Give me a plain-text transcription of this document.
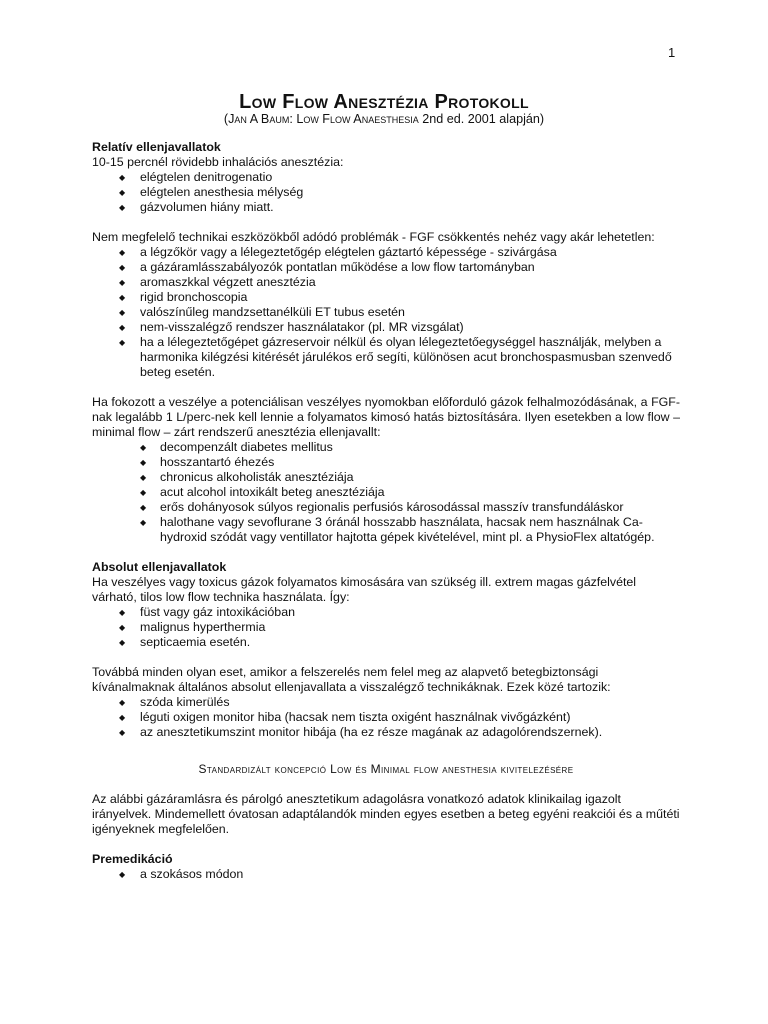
1
Low Flow Anesztézia Protokoll
(Jan A Baum: Low Flow Anaesthesia 2nd ed. 2001 alapján)

Relatív ellenjavallatok

10-15 percnél rövidebb inhalációs anesztézia:

◆ elégtelen denitrogenatio
◆ elégtelen anesthesia mélység
◆ gázvolumen hiány miatt.

Nem megfelelő technikai eszközökből adódó problémák - FGF csökkentés nehéz vagy akár lehetetlen:

◆ a légzőkör vagy a lélegeztetőgép elégtelen gáztartó képessége - szivárgása
◆ a gázáramlásszabályozók pontatlan működése a low flow tartományban
◆ aromaszkkal végzett anesztézia
◆ rigid bronchoscopia
◆ valószínűleg mandzsettanélküli ET tubus esetén
◆ nem-visszalégző rendszer használatakor (pl. MR vizsgálat)
◆ ha a lélegeztetőgépet gázreservoir nélkül és olyan lélegeztetőegységgel használják, melyben a harmonika kilégzési kitérését járulékos erő segíti, különösen acut bronchospasmusban szenvedő beteg esetén.

Ha fokozott a veszélye a potenciálisan veszélyes nyomokban előforduló gázok felhalmozódásának, a FGF-nak legalább 1 L/perc-nek kell lennie a folyamatos kimosó hatás biztosítására. Ilyen esetekben a low flow – minimal flow – zárt rendszerű anesztézia ellenjavallt:

◆ decompenzált diabetes mellitus
◆ hosszantartó éhezés
◆ chronicus alkoholisták anesztéziája
◆ acut alcohol intoxikált beteg anesztéziája
◆ erős dohányosok súlyos regionalis perfusiós károsodással masszív transfundáláskor
◆ halothane vagy sevoflurane 3 óránál hosszabb használata, hacsak nem használnak Ca-hydroxid szódát vagy ventillator hajtotta gépek kivételével, mint pl. a PhysioFlex altatógép.

Absolut ellenjavallatok

Ha veszélyes vagy toxicus gázok folyamatos kimosására van szükség ill. extrem magas gázfelvétel várható, tilos low flow technika használata. Így:

◆ füst vagy gáz intoxikációban
◆ malignus hyperthermia
◆ septicaemia esetén.

Továbbá minden olyan eset, amikor a felszerelés nem felel meg az alapvető betegbiztonsági kívánalmaknak általános absolut ellenjavallata a visszalégző technikáknak. Ezek közé tartozik:

◆ szóda kimerülés
◆ léguti oxigen monitor hiba (hacsak nem tiszta oxigént használnak vivőgázként)
◆ az anesztetikumszint monitor hibája (ha ez része magának az adagolórendszernek).

Standardizált koncepció Low és Minimal flow anesthesia kivitelezésére

Az alábbi gázáramlásra és párolgó anesztetikum adagolásra vonatkozó adatok klinikailag igazolt irányelvek. Mindemellett óvatosan adaptálandók minden egyes esetben a beteg egyéni reakciói és a műtéti igényeknek megfelelően.

Premedikáció

◆ a szokásos módon
